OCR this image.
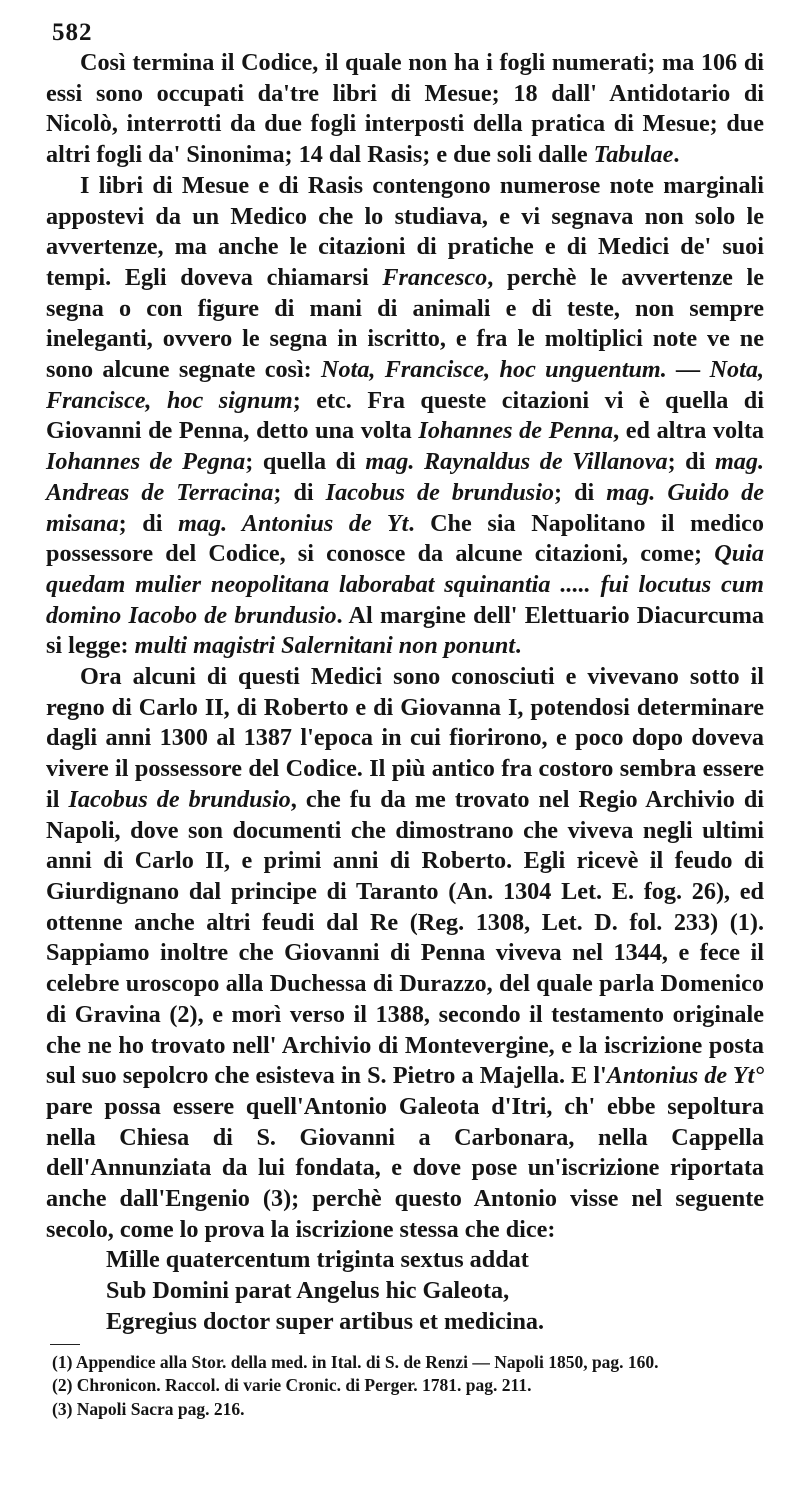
582

Così termina il Codice, il quale non ha i fogli numerati; ma 106 di essi sono occupati da'tre libri di Mesue; 18 dall' Antidotario di Nicolò, interrotti da due fogli interposti della pratica di Mesue; due altri fogli da' Sinonima; 14 dal Rasis; e due soli dalle Tabulae.

I libri di Mesue e di Rasis contengono numerose note marginali appostevi da un Medico che lo studiava, e vi segnava non solo le avvertenze, ma anche le citazioni di pratiche e di Medici de' suoi tempi. Egli doveva chiamarsi Francesco, perchè le avvertenze le segna o con figure di mani di animali e di teste, non sempre ineleganti, ovvero le segna in iscritto, e fra le moltiplici note ve ne sono alcune segnate così: Nota, Francisce, hoc unguentum. — Nota, Francisce, hoc signum; etc. Fra queste citazioni vi è quella di Giovanni de Penna, detto una volta Iohannes de Penna, ed altra volta Iohannes de Pegna; quella di mag. Raynaldus de Villanova; di mag. Andreas de Terracina; di Iacobus de brundusio; di mag. Guido de misana; di mag. Antonius de Yt. Che sia Napolitano il medico possessore del Codice, si conosce da alcune citazioni, come; Quia quedam mulier neopolitana laborabat squinantia ..... fui locutus cum domino Iacobo de brundusio. Al margine dell' Elettuario Diacurcuma si legge: multi magistri Salernitani non ponunt.

Ora alcuni di questi Medici sono conosciuti e vivevano sotto il regno di Carlo II, di Roberto e di Giovanna I, potendosi determinare dagli anni 1300 al 1387 l'epoca in cui fiorirono, e poco dopo doveva vivere il possessore del Codice. Il più antico fra costoro sembra essere il Iacobus de brundusio, che fu da me trovato nel Regio Archivio di Napoli, dove son documenti che dimostrano che viveva negli ultimi anni di Carlo II, e primi anni di Roberto. Egli ricevè il feudo di Giurdignano dal principe di Taranto (An. 1304 Let. E. fog. 26), ed ottenne anche altri feudi dal Re (Reg. 1308, Let. D. fol. 233) (1). Sappiamo inoltre che Giovanni di Penna viveva nel 1344, e fece il celebre uroscopo alla Duchessa di Durazzo, del quale parla Domenico di Gravina (2), e morì verso il 1388, secondo il testamento originale che ne ho trovato nell' Archivio di Montevergine, e la iscrizione posta sul suo sepolcro che esisteva in S. Pietro a Majella. E l'Antonius de Yt° pare possa essere quell'Antonio Galeota d'Itri, ch' ebbe sepoltura nella Chiesa di S. Giovanni a Carbonara, nella Cappella dell'Annunziata da lui fondata, e dove pose un'iscrizione riportata anche dall'Engenio (3); perchè questo Antonio visse nel seguente secolo, come lo prova la iscrizione stessa che dice:

Mille quatercentum triginta sextus addat
Sub Domini parat Angelus hic Galeota,
Egregius doctor super artibus et medicina.
(1) Appendice alla Stor. della med. in Ital. di S. de Renzi — Napoli 1850, pag. 160.
(2) Chronicon. Raccol. di varie Cronic. di Perger. 1781. pag. 211.
(3) Napoli Sacra pag. 216.
